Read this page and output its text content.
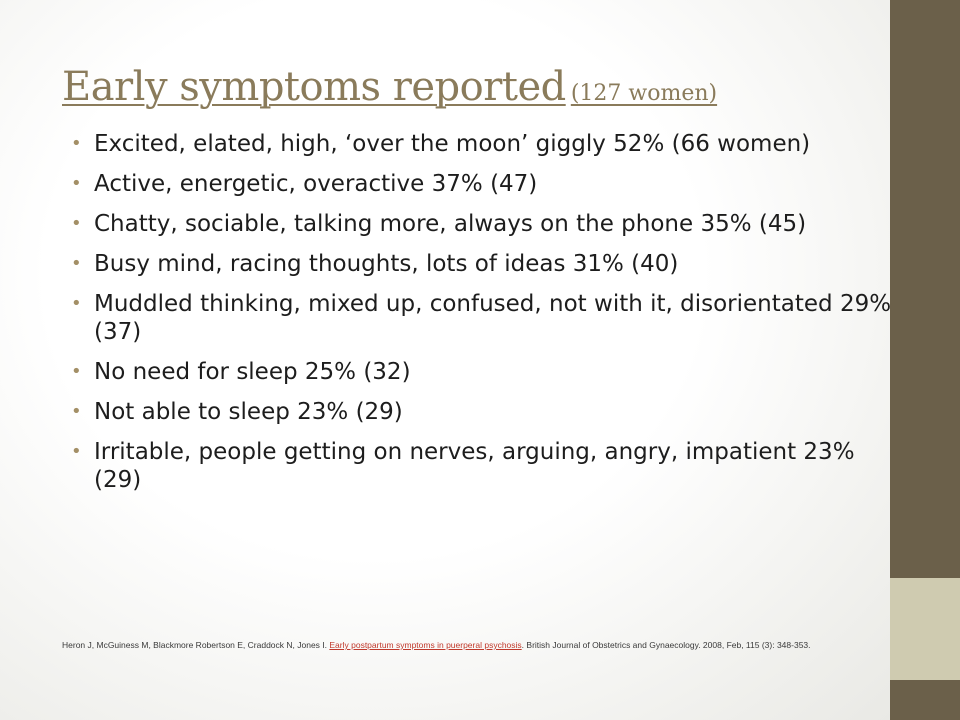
Early symptoms reported (127 women)
• Excited, elated, high, ‘over the moon’ giggly 52% (66 women)
• Active, energetic, overactive 37% (47)
• Chatty, sociable, talking more, always on the phone 35% (45)
• Busy mind, racing thoughts, lots of ideas 31% (40)
• Muddled thinking, mixed up, confused, not with it, disorientated 29% (37)
• No need for sleep 25% (32)
• Not able to sleep 23% (29)
• Irritable, people getting on nerves, arguing, angry, impatient 23% (29)
Heron J, McGuiness M, Blackmore Robertson E, Craddock N, Jones I. Early postpartum symptoms in puerperal psychosis. British Journal of Obstetrics and Gynaecology. 2008, Feb, 115 (3): 348-353.
